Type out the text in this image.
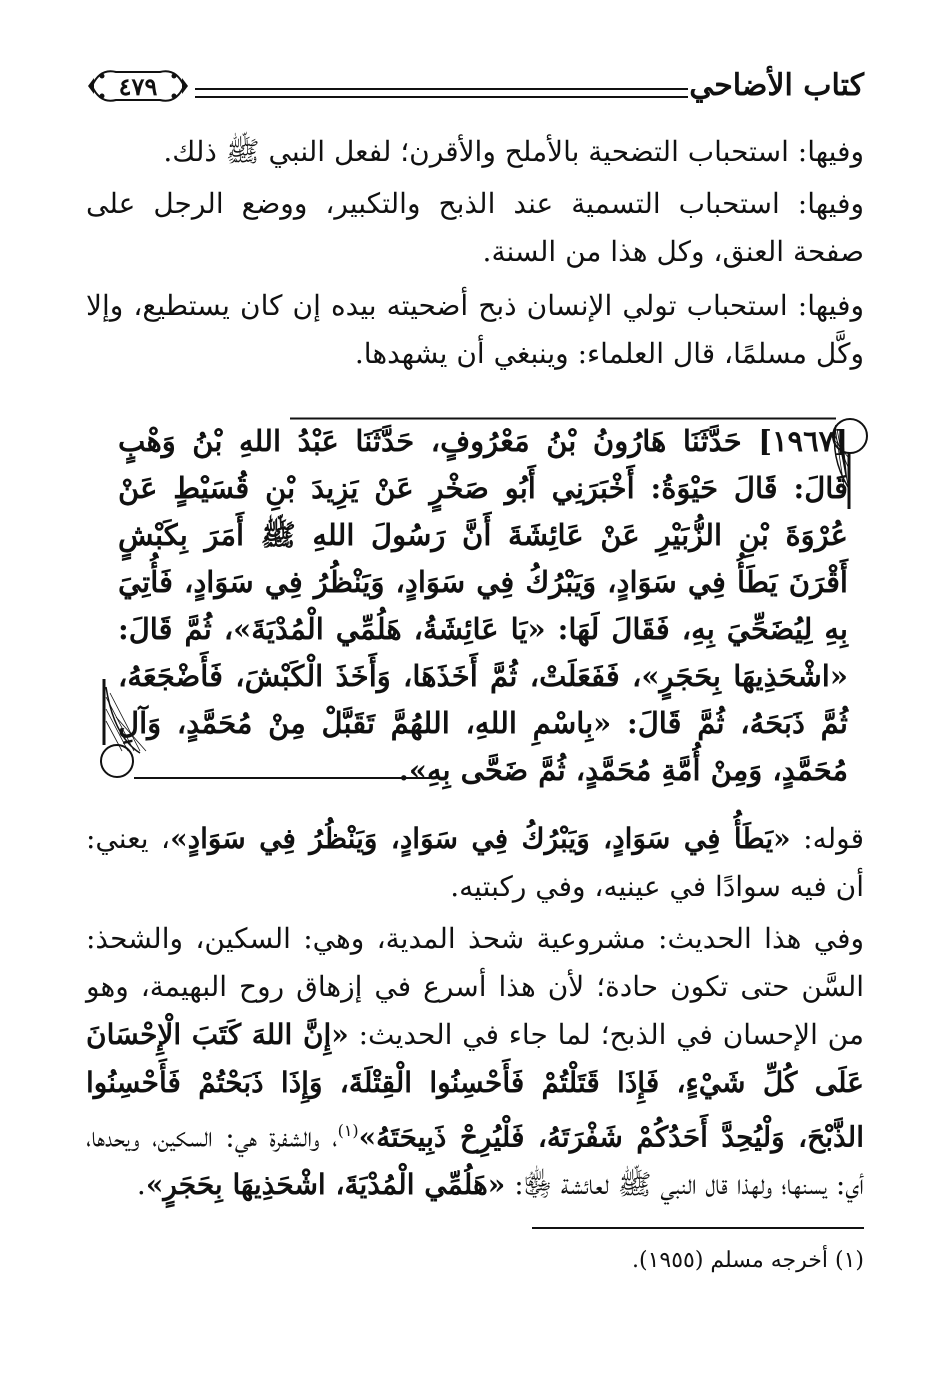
كتاب الأضاحي
٤٧٩
وفيها: استحباب التضحية بالأملح والأقرن؛ لفعل النبي ﷺ ذلك.
وفيها: استحباب التسمية عند الذبح والتكبير، ووضع الرجل على صفحة العنق، وكل هذا من السنة.
وفيها: استحباب تولي الإنسان ذبح أضحيته بيده إن كان يستطيع، وإلا وكَّل مسلمًا، قال العلماء: وينبغي أن يشهدها.
[١٩٦٧] حَدَّثَنَا هَارُونُ بْنُ مَعْرُوفٍ، حَدَّثَنَا عَبْدُ اللهِ بْنُ وَهْبٍ قَالَ: قَالَ حَيْوَةُ: أَخْبَرَنِي أَبُو صَخْرٍ عَنْ يَزِيدَ بْنِ قُسَيْطٍ عَنْ عُرْوَةَ بْنِ الزُّبَيْرِ عَنْ عَائِشَةَ أَنَّ رَسُولَ اللهِ ﷺ أَمَرَ بِكَبْشٍ أَقْرَنَ يَطَأُ فِي سَوَادٍ، وَيَبْرُكُ فِي سَوَادٍ، وَيَنْظُرُ فِي سَوَادٍ، فَأُتِيَ بِهِ لِيُضَحِّيَ بِهِ، فَقَالَ لَهَا: «يَا عَائِشَةُ، هَلُمِّي الْمُدْيَةَ»، ثُمَّ قَالَ: «اشْحَذِيهَا بِحَجَرٍ»، فَفَعَلَتْ، ثُمَّ أَخَذَهَا، وَأَخَذَ الْكَبْشَ، فَأَضْجَعَهُ، ثُمَّ ذَبَحَهُ، ثُمَّ قَالَ: «بِاسْمِ اللهِ، اللهُمَّ تَقَبَّلْ مِنْ مُحَمَّدٍ، وَآلِ مُحَمَّدٍ، وَمِنْ أُمَّةِ مُحَمَّدٍ، ثُمَّ ضَحَّى بِهِ».
قوله: «يَطَأُ فِي سَوَادٍ، وَيَبْرُكُ فِي سَوَادٍ، وَيَنْظُرُ فِي سَوَادٍ»، يعني: أن فيه سوادًا في عينيه، وفي ركبتيه.
وفي هذا الحديث: مشروعية شحذ المدية، وهي: السكين، والشحذ: السَّن حتى تكون حادة؛ لأن هذا أسرع في إزهاق روح البهيمة، وهو من الإحسان في الذبح؛ لما جاء في الحديث: «إِنَّ اللهَ كَتَبَ الْإِحْسَانَ عَلَى كُلِّ شَيْءٍ، فَإِذَا قَتَلْتُمْ فَأَحْسِنُوا الْقِتْلَةَ، وَإِذَا ذَبَحْتُمْ فَأَحْسِنُوا الذَّبْحَ، وَلْيُحِدَّ أَحَدُكُمْ شَفْرَتَهُ، فَلْيُرِحْ ذَبِيحَتَهُ»$^{(١)}$، والشفرة هي: السكين، ويحدها، أي: يسنها؛ ولهذا قال النبي ﷺ لعائشة ﵂: «هَلُمِّي الْمُدْيَةَ، اشْحَذِيهَا بِحَجَرٍ».
(١) أخرجه مسلم (١٩٥٥).
